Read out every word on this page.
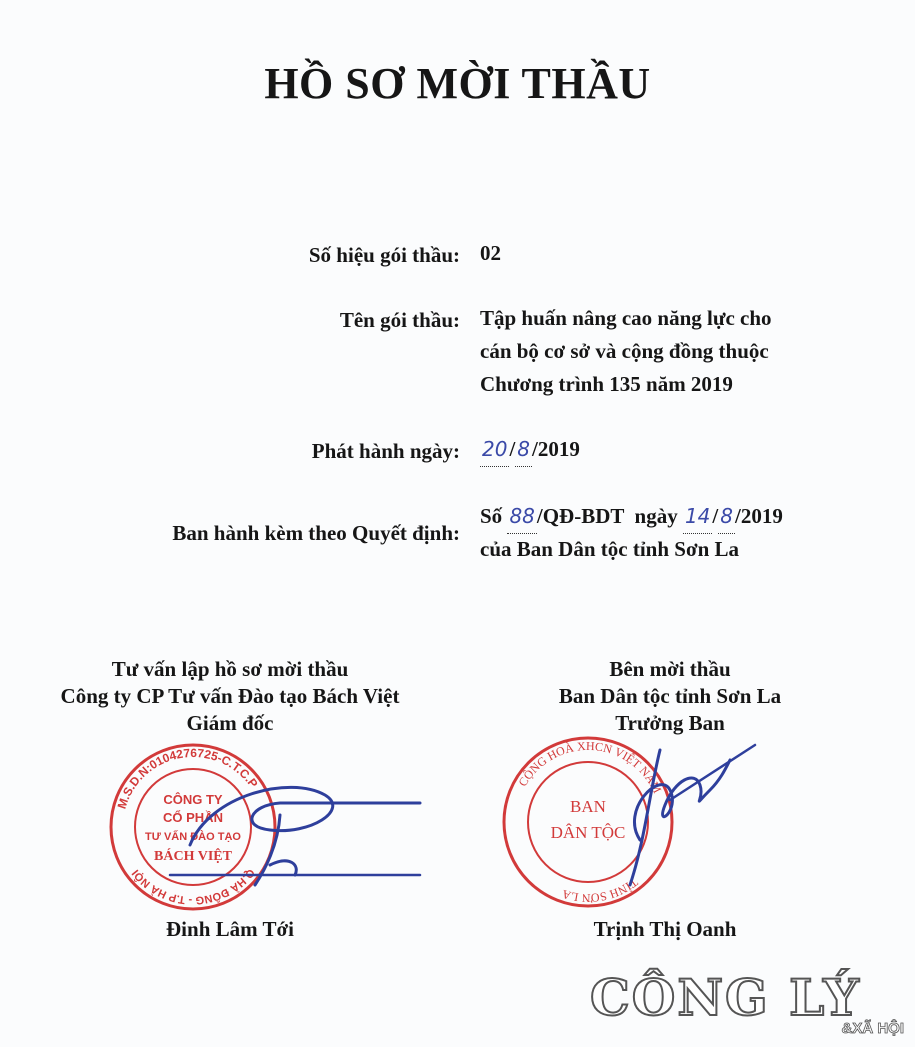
HỒ SƠ MỜI THẦU
Số hiệu gói thầu: 02
Tên gói thầu: Tập huấn nâng cao năng lực cho
cán bộ cơ sở và cộng đồng thuộc
Chương trình 135 năm 2019
Phát hành ngày: 20/ 8/2019
Ban hành kèm theo Quyết định:
Số 88/QĐ-BDT  ngày 14/ 8/2019
của Ban Dân tộc tỉnh Sơn La
Tư vấn lập hồ sơ mời thầu
Công ty CP Tư vấn Đào tạo Bách Việt
Giám đốc
M.S.D.N:0104276725-C.T.C.P
Q.HÀ ĐÔNG - T.P HÀ NỘI
CÔNG TY
CỔ PHẦN
TƯ VẤN ĐÀO TẠO
BÁCH VIỆT
Đinh Lâm Tới
Bên mời thầu
Ban Dân tộc tỉnh Sơn La
Trưởng Ban
CỘNG HOÀ XHCN VIỆT NAM
TỈNH SƠN LA
BAN
DÂN TỘC
Trịnh Thị Oanh
CÔNG LÝ
&XÃ HỘI
